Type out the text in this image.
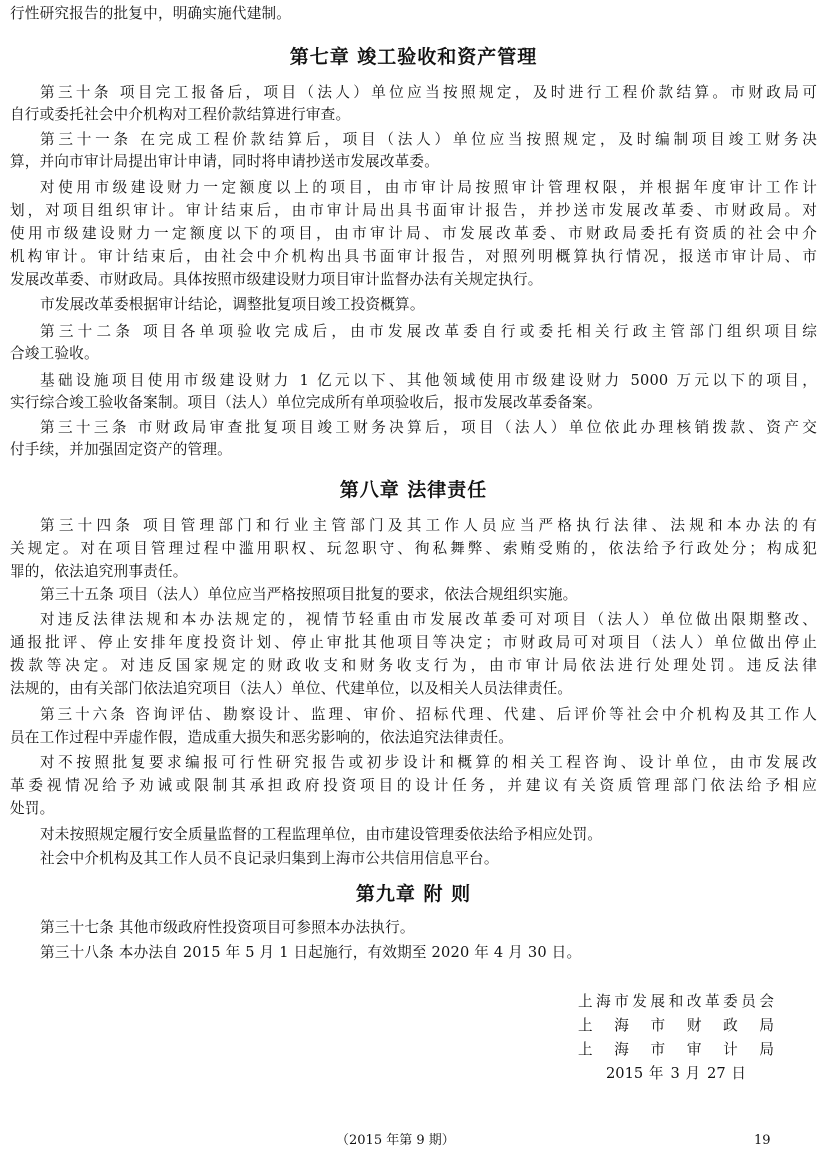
行性研究报告的批复中，明确实施代建制。
第七章 竣工验收和资产管理
第三十条 项目完工报备后，项目（法人）单位应当按照规定，及时进行工程价款结算。市财政局可
自行或委托社会中介机构对工程价款结算进行审查。
第三十一条 在完成工程价款结算后，项目（法人）单位应当按照规定，及时编制项目竣工财务决
算，并向市审计局提出审计申请，同时将申请抄送市发展改革委。
对使用市级建设财力一定额度以上的项目，由市审计局按照审计管理权限，并根据年度审计工作计
划，对项目组织审计。审计结束后，由市审计局出具书面审计报告，并抄送市发展改革委、市财政局。对
使用市级建设财力一定额度以下的项目，由市审计局、市发展改革委、市财政局委托有资质的社会中介
机构审计。审计结束后，由社会中介机构出具书面审计报告，对照列明概算执行情况，报送市审计局、市
发展改革委、市财政局。具体按照市级建设财力项目审计监督办法有关规定执行。
市发展改革委根据审计结论，调整批复项目竣工投资概算。
第三十二条 项目各单项验收完成后，由市发展改革委自行或委托相关行政主管部门组织项目综
合竣工验收。
基础设施项目使用市级建设财力 1 亿元以下、其他领域使用市级建设财力 5000 万元以下的项目，
实行综合竣工验收备案制。项目（法人）单位完成所有单项验收后，报市发展改革委备案。
第三十三条 市财政局审查批复项目竣工财务决算后，项目（法人）单位依此办理核销拨款、资产交
付手续，并加强固定资产的管理。
第八章 法律责任
第三十四条 项目管理部门和行业主管部门及其工作人员应当严格执行法律、法规和本办法的有
关规定。对在项目管理过程中滥用职权、玩忽职守、徇私舞弊、索贿受贿的，依法给予行政处分；构成犯
罪的，依法追究刑事责任。
第三十五条 项目（法人）单位应当严格按照项目批复的要求，依法合规组织实施。
对违反法律法规和本办法规定的，视情节轻重由市发展改革委可对项目（法人）单位做出限期整改、
通报批评、停止安排年度投资计划、停止审批其他项目等决定；市财政局可对项目（法人）单位做出停止
拨款等决定。对违反国家规定的财政收支和财务收支行为，由市审计局依法进行处理处罚。违反法律
法规的，由有关部门依法追究项目（法人）单位、代建单位，以及相关人员法律责任。
第三十六条 咨询评估、勘察设计、监理、审价、招标代理、代建、后评价等社会中介机构及其工作人
员在工作过程中弄虚作假，造成重大损失和恶劣影响的，依法追究法律责任。
对不按照批复要求编报可行性研究报告或初步设计和概算的相关工程咨询、设计单位，由市发展改
革委视情况给予劝诫或限制其承担政府投资项目的设计任务，并建议有关资质管理部门依法给予相应
处罚。
对未按照规定履行安全质量监督的工程监理单位，由市建设管理委依法给予相应处罚。
社会中介机构及其工作人员不良记录归集到上海市公共信用信息平台。
第九章 附 则
第三十七条 其他市级政府性投资项目可参照本办法执行。
第三十八条 本办法自 2015 年 5 月 1 日起施行，有效期至 2020 年 4 月 30 日。
上海市发展和改革委员会
上海市财政局
上海市审计局
2015 年 3 月 27 日
（2015 年第 9 期）	19
